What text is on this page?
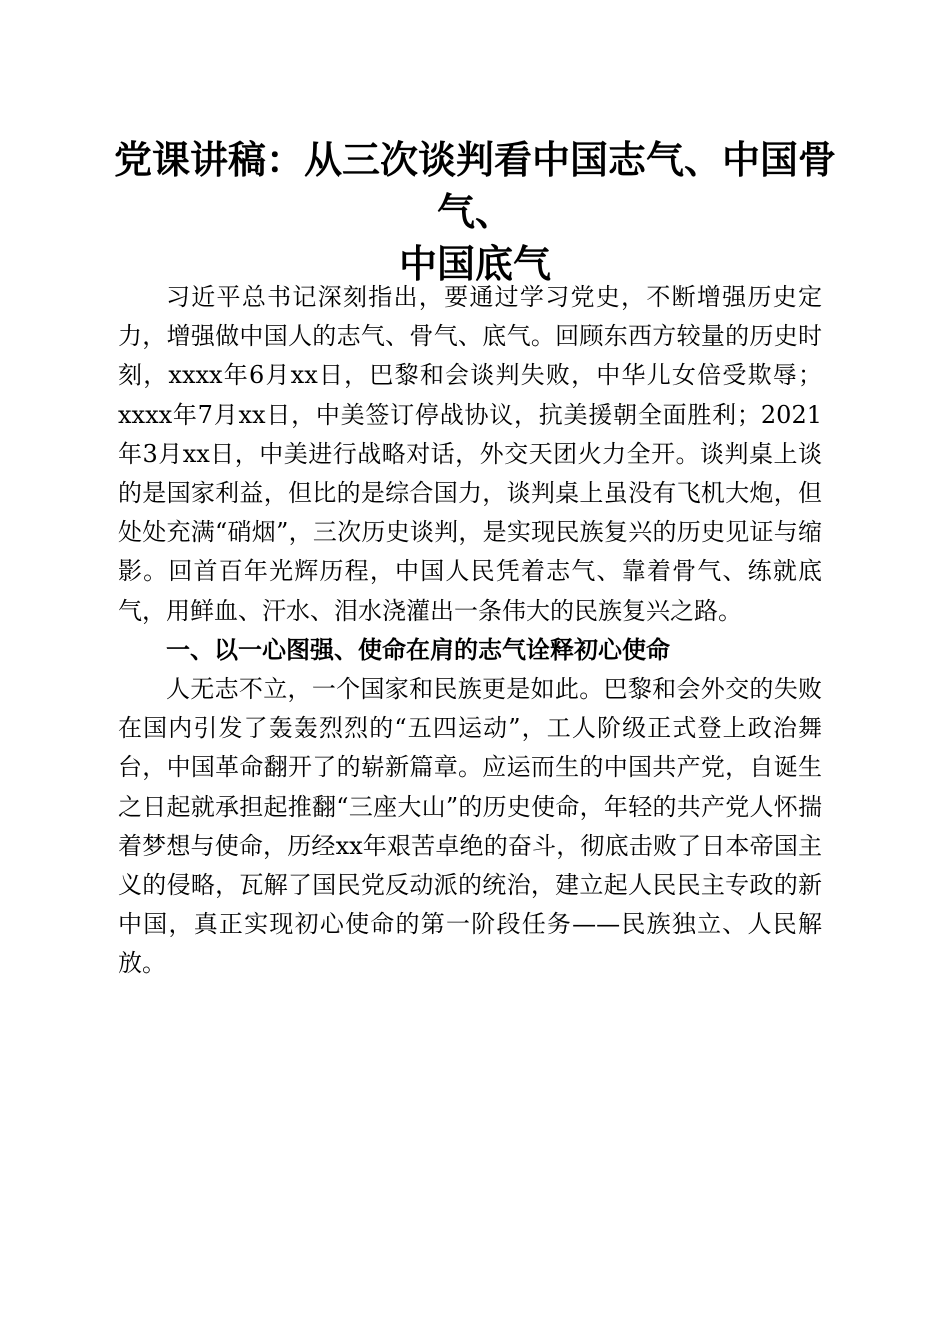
党课讲稿：从三次谈判看中国志气、中国骨气、
中国底气

习近平总书记深刻指出，要通过学习党史，不断增强历史定力，增强做中国人的志气、骨气、底气。回顾东西方较量的历史时刻，xxxx年6月xx日，巴黎和会谈判失败，中华儿女倍受欺辱；xxxx年7月xx日，中美签订停战协议，抗美援朝全面胜利；2021年3月xx日，中美进行战略对话，外交天团火力全开。谈判桌上谈的是国家利益，但比的是综合国力，谈判桌上虽没有飞机大炮，但处处充满“硝烟”，三次历史谈判，是实现民族复兴的历史见证与缩影。回首百年光辉历程，中国人民凭着志气、靠着骨气、练就底气，用鲜血、汗水、泪水浇灌出一条伟大的民族复兴之路。

一、以一心图强、使命在肩的志气诠释初心使命

人无志不立，一个国家和民族更是如此。巴黎和会外交的失败在国内引发了轰轰烈烈的“五四运动”，工人阶级正式登上政治舞台，中国革命翻开了的崭新篇章。应运而生的中国共产党，自诞生之日起就承担起推翻“三座大山”的历史使命，年轻的共产党人怀揣着梦想与使命，历经xx年艰苦卓绝的奋斗，彻底击败了日本帝国主义的侵略，瓦解了国民党反动派的统治，建立起人民民主专政的新中国，真正实现初心使命的第一阶段任务——民族独立、人民解放。
